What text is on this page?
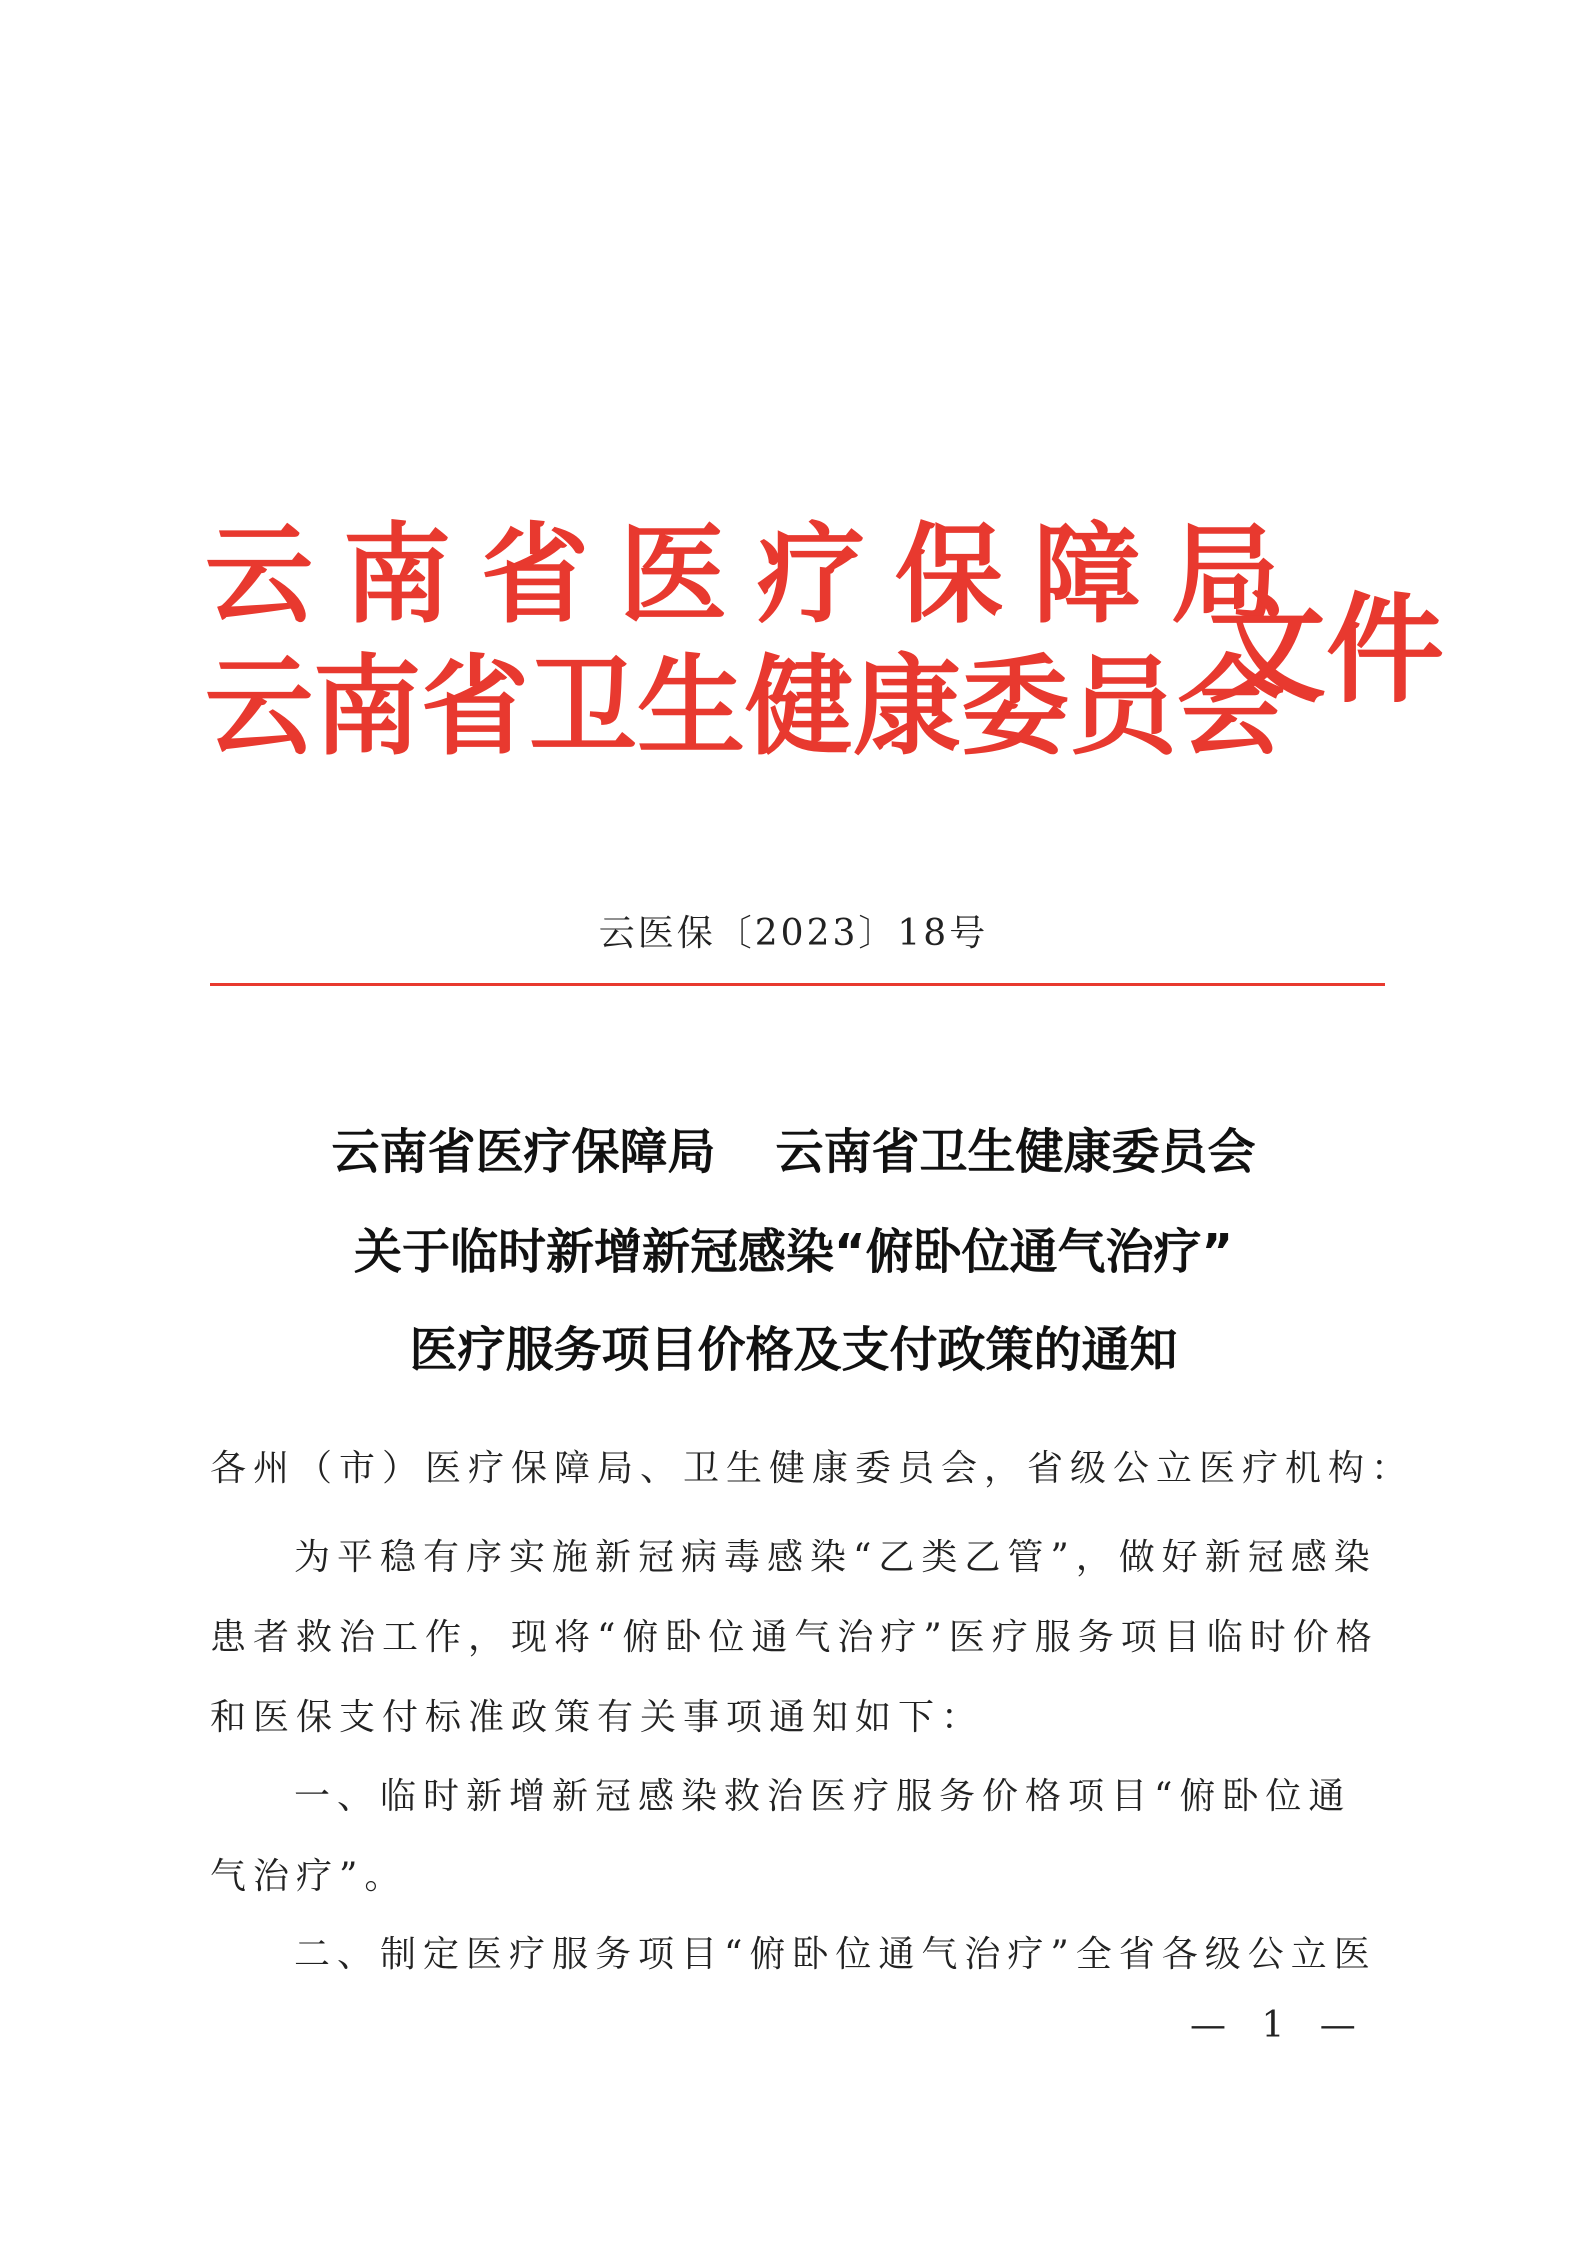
云南省医疗保障局
云南省卫生健康委员会
文件
云医保〔2023〕18号
云南省医疗保障局 云南省卫生健康委员会
关于临时新增新冠感染“俯卧位通气治疗”
医疗服务项目价格及支付政策的通知
各州（市）医疗保障局、卫生健康委员会，省级公立医疗机构：

为平稳有序实施新冠病毒感染“乙类乙管”，做好新冠感染患者救治工作，现将“俯卧位通气治疗”医疗服务项目临时价格和医保支付标准政策有关事项通知如下：

一、临时新增新冠感染救治医疗服务价格项目“俯卧位通气治疗”。

二、制定医疗服务项目“俯卧位通气治疗”全省各级公立医

— 1 —
